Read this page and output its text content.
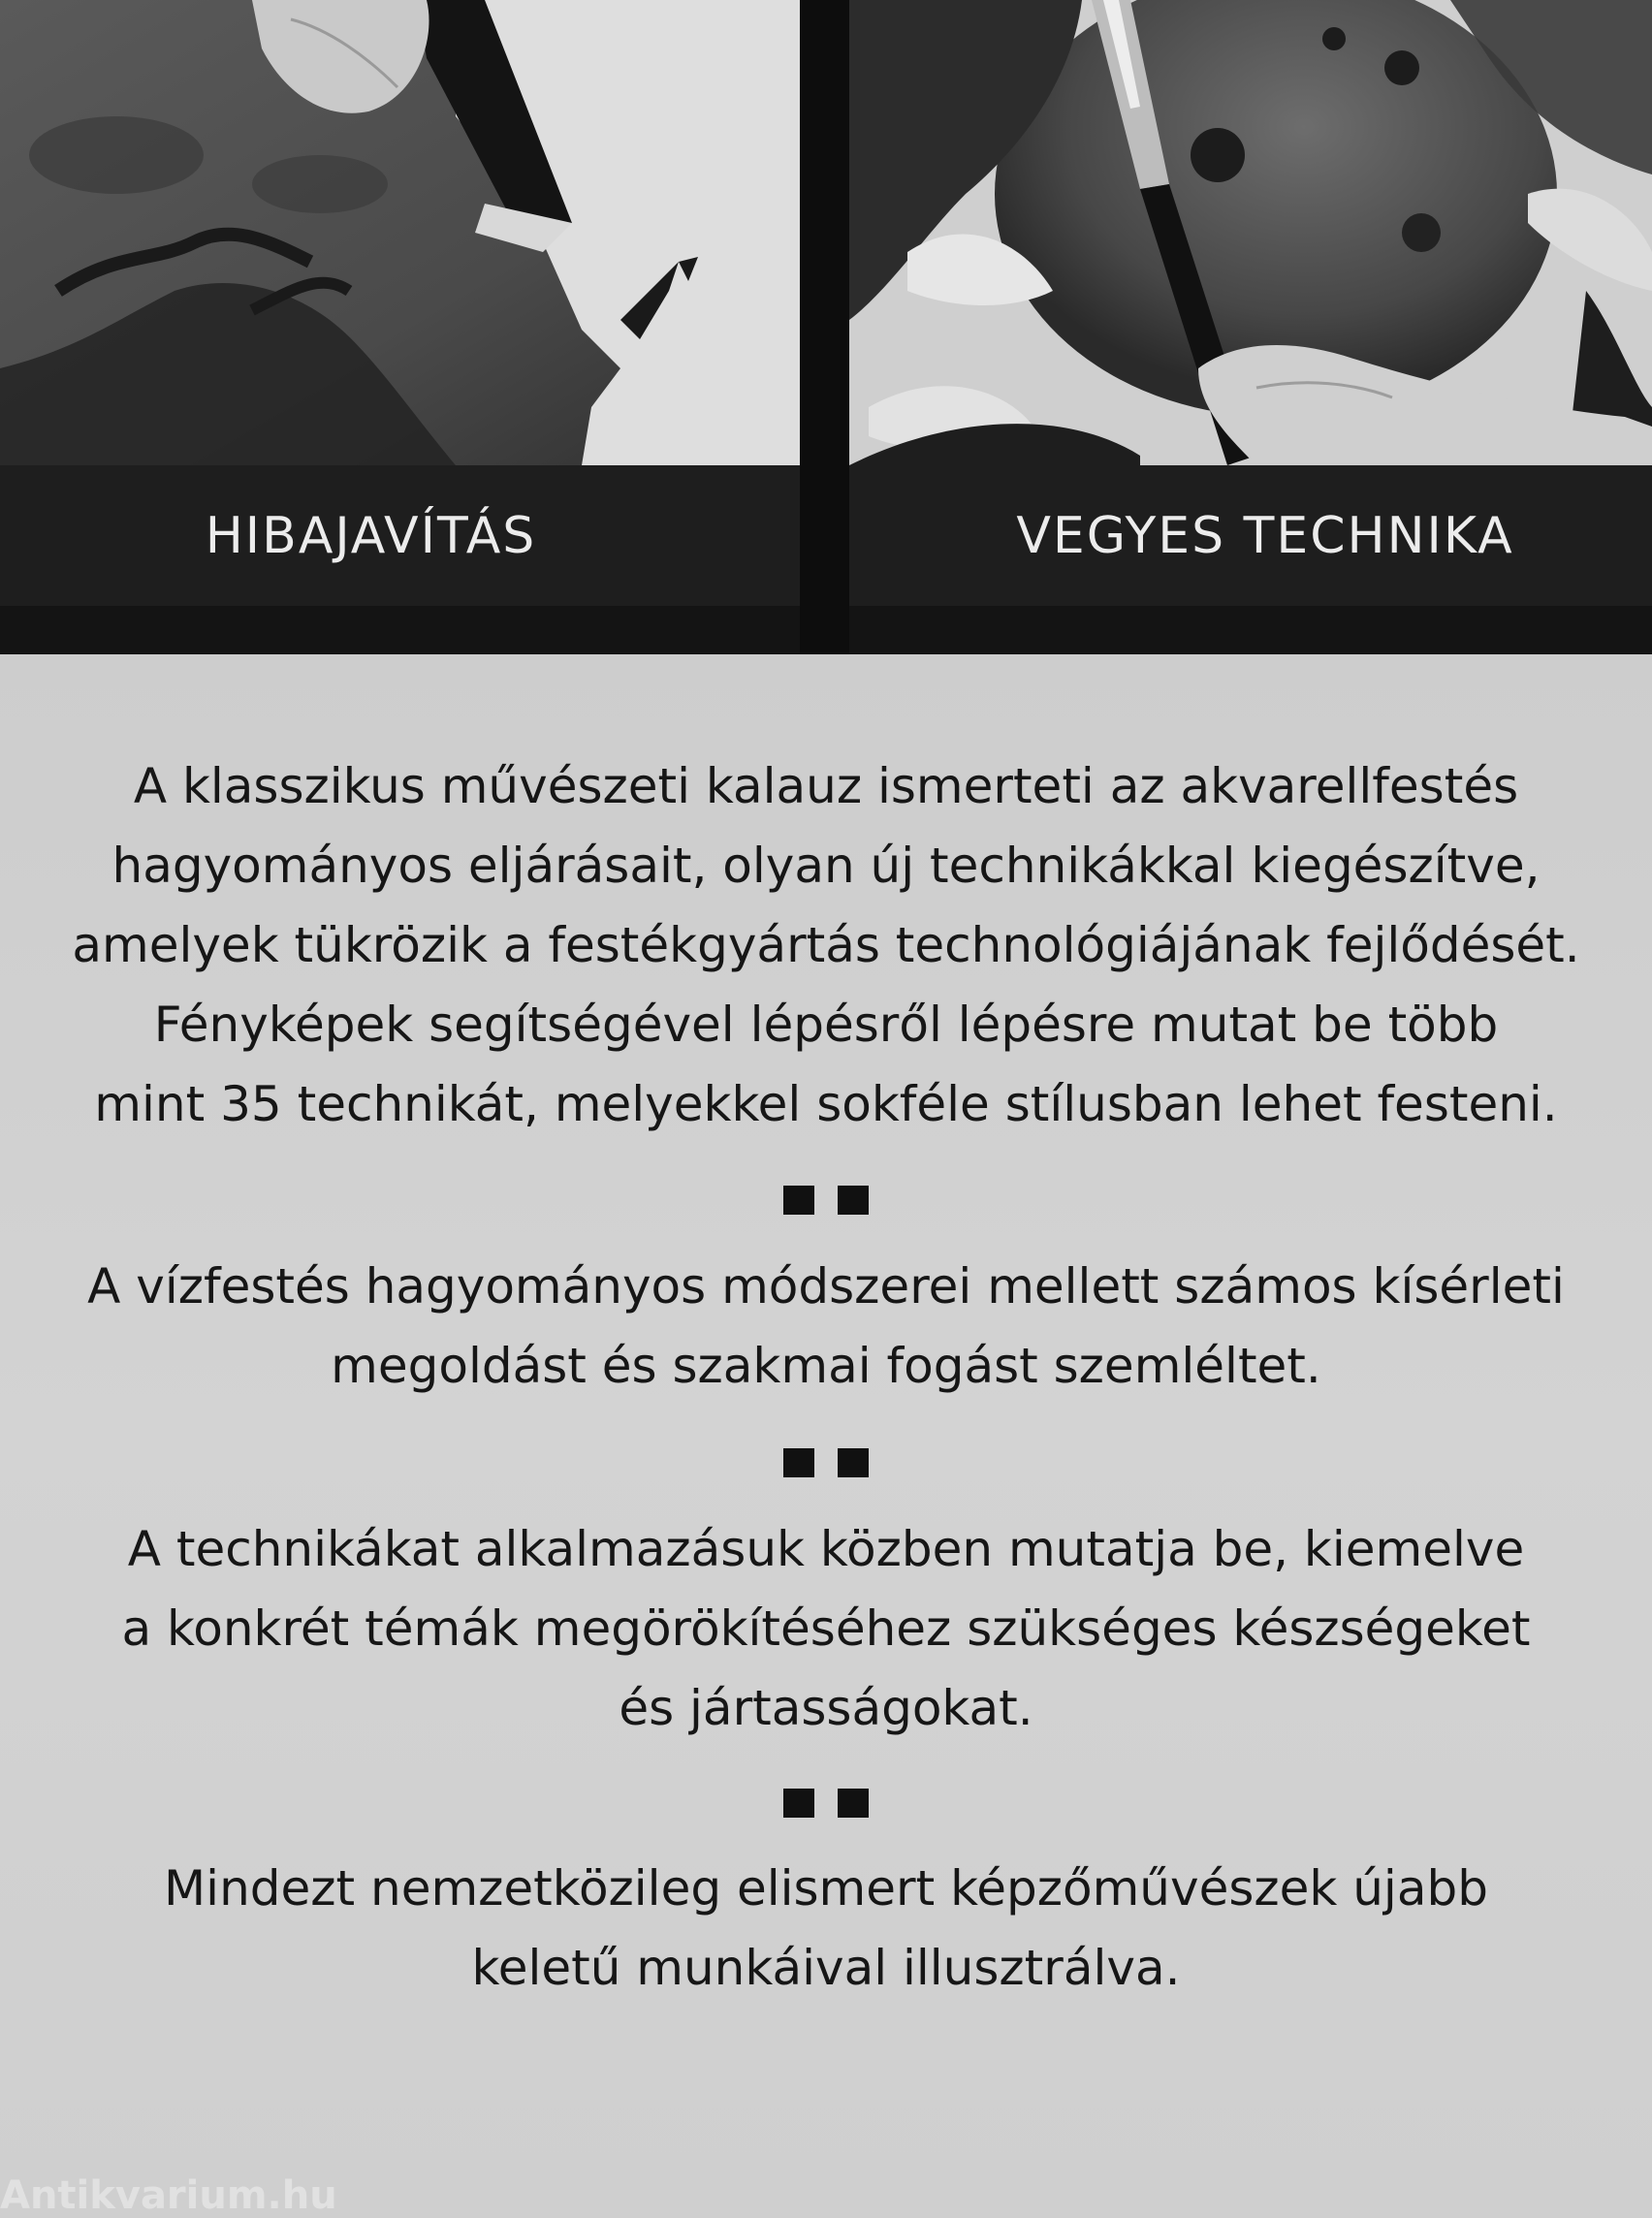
HIBAJAVÍTÁS	VEGYES TECHNIKA
A klasszikus művészeti kalauz ismerteti az akvarellfestés
hagyományos eljárásait, olyan új technikákkal kiegészítve,
amelyek tükrözik a festékgyártás technológiájának fejlődését.
Fényképek segítségével lépésről lépésre mutat be több
mint 35 technikát, melyekkel sokféle stílusban lehet festeni.
A vízfestés hagyományos módszerei mellett számos kísérleti
megoldást és szakmai fogást szemléltet.
A technikákat alkalmazásuk közben mutatja be, kiemelve
a konkrét témák megörökítéséhez szükséges készségeket
és jártasságokat.
Mindezt nemzetközileg elismert képzőművészek újabb
keletű munkáival illusztrálva.
Antikvarium.hu
